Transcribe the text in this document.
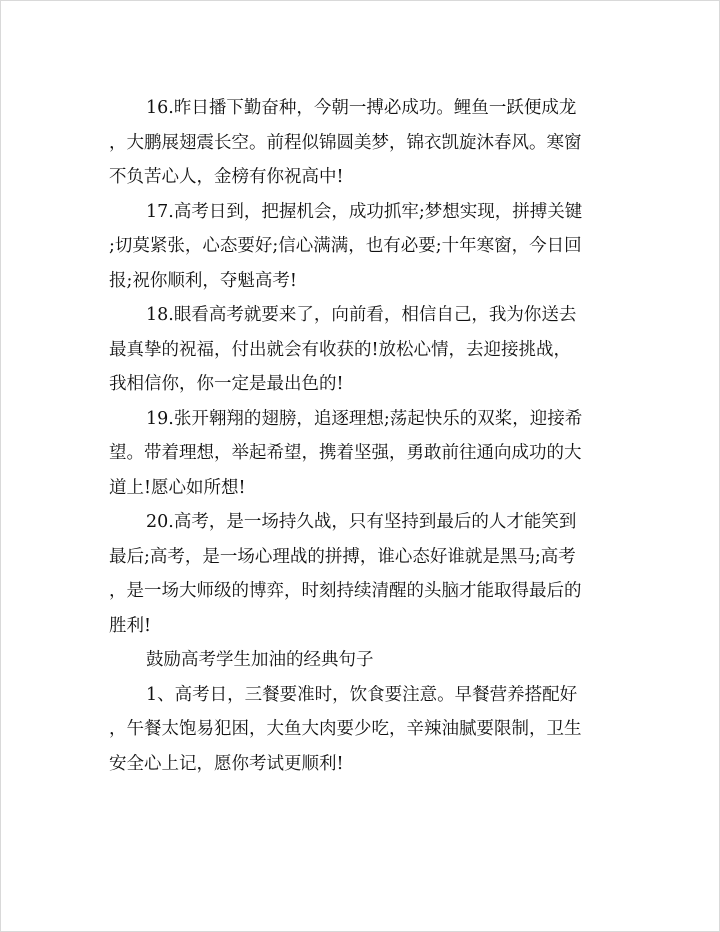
16.昨日播下勤奋种，今朝一搏必成功。鲤鱼一跃便成龙
，大鹏展翅震长空。前程似锦圆美梦，锦衣凯旋沐春风。寒窗
不负苦心人，金榜有你祝高中!

17.高考日到，把握机会，成功抓牢;梦想实现，拼搏关键
;切莫紧张，心态要好;信心满满，也有必要;十年寒窗，今日回
报;祝你顺利，夺魁高考!

18.眼看高考就要来了，向前看，相信自己，我为你送去
最真挚的祝福，付出就会有收获的!放松心情，去迎接挑战，
我相信你，你一定是最出色的!

19.张开翱翔的翅膀，追逐理想;荡起快乐的双桨，迎接希
望。带着理想，举起希望，携着坚强，勇敢前往通向成功的大
道上!愿心如所想!

20.高考，是一场持久战，只有坚持到最后的人才能笑到
最后;高考，是一场心理战的拼搏，谁心态好谁就是黑马;高考
，是一场大师级的博弈，时刻持续清醒的头脑才能取得最后的
胜利!

鼓励高考学生加油的经典句子

1、高考日，三餐要准时，饮食要注意。早餐营养搭配好
，午餐太饱易犯困，大鱼大肉要少吃，辛辣油腻要限制，卫生
安全心上记，愿你考试更顺利!
